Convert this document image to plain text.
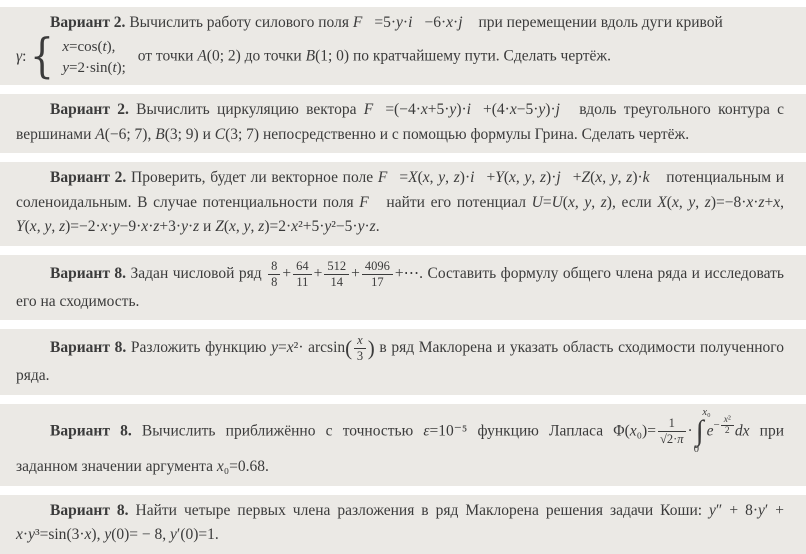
Вариант 2. Вычислить работу силового поля F⃗=5·y·i⃗−6·x·j⃗ при перемещении вдоль дуги кривой
γ: { x=cos(t),
y=2·sin(t);
от точки A(0; 2) до точки B(1; 0) по кратчайшему пути. Сделать чертёж.
Вариант 2. Вычислить циркуляцию вектора F⃗=(−4·x+5·y)·i⃗+(4·x−5·y)·j⃗ вдоль треугольного контура с вершинами A(−6; 7), B(3; 9) и C(3; 7) непосредственно и с помощью формулы Грина. Сделать чертёж.
Вариант 2. Проверить, будет ли векторное поле F⃗=X(x, y, z)·i⃗+Y(x, y, z)·j⃗+Z(x, y, z)·k⃗ потенциальным и соленоидальным. В случае потенциальности поля F⃗ найти его потенциал U=U(x, y, z), если X(x, y, z)=−8·x·z+x, Y(x, y, z)=−2·x·y−9·x·z+3·y·z и Z(x, y, z)=2·x²+5·y²−5·y·z.
Вариант 8. Задан числовой ряд $\frac{8}{8} + \frac{64}{11} + \frac{512}{14} + \frac{4096}{17}$ +⋯. Составить формулу общего члена ряда и исследовать его на сходимость.
Вариант 8. Разложить функцию $y=x^2\cdot \arcsin( \frac{x}{3}$ ) в ряд Маклорена и указать область сходимости полученного ряда.
Вариант 8. Вычислить приближённо с точностью ε=10⁻⁵ функцию Лапласа $\Phi(x_0)= \frac{1}{√2\cdot\pi}$ ·
x₀
∫
0
$e^{- \frac{\text{x²}}{2}}$ dx при заданном значении аргумента x₀=0.68.
Вариант 8. Найти четыре первых члена разложения в ряд Маклорена решения задачи Коши: y″ + 8·y′ + x·y³=sin(3·x), y(0)= − 8, y′(0)=1.
